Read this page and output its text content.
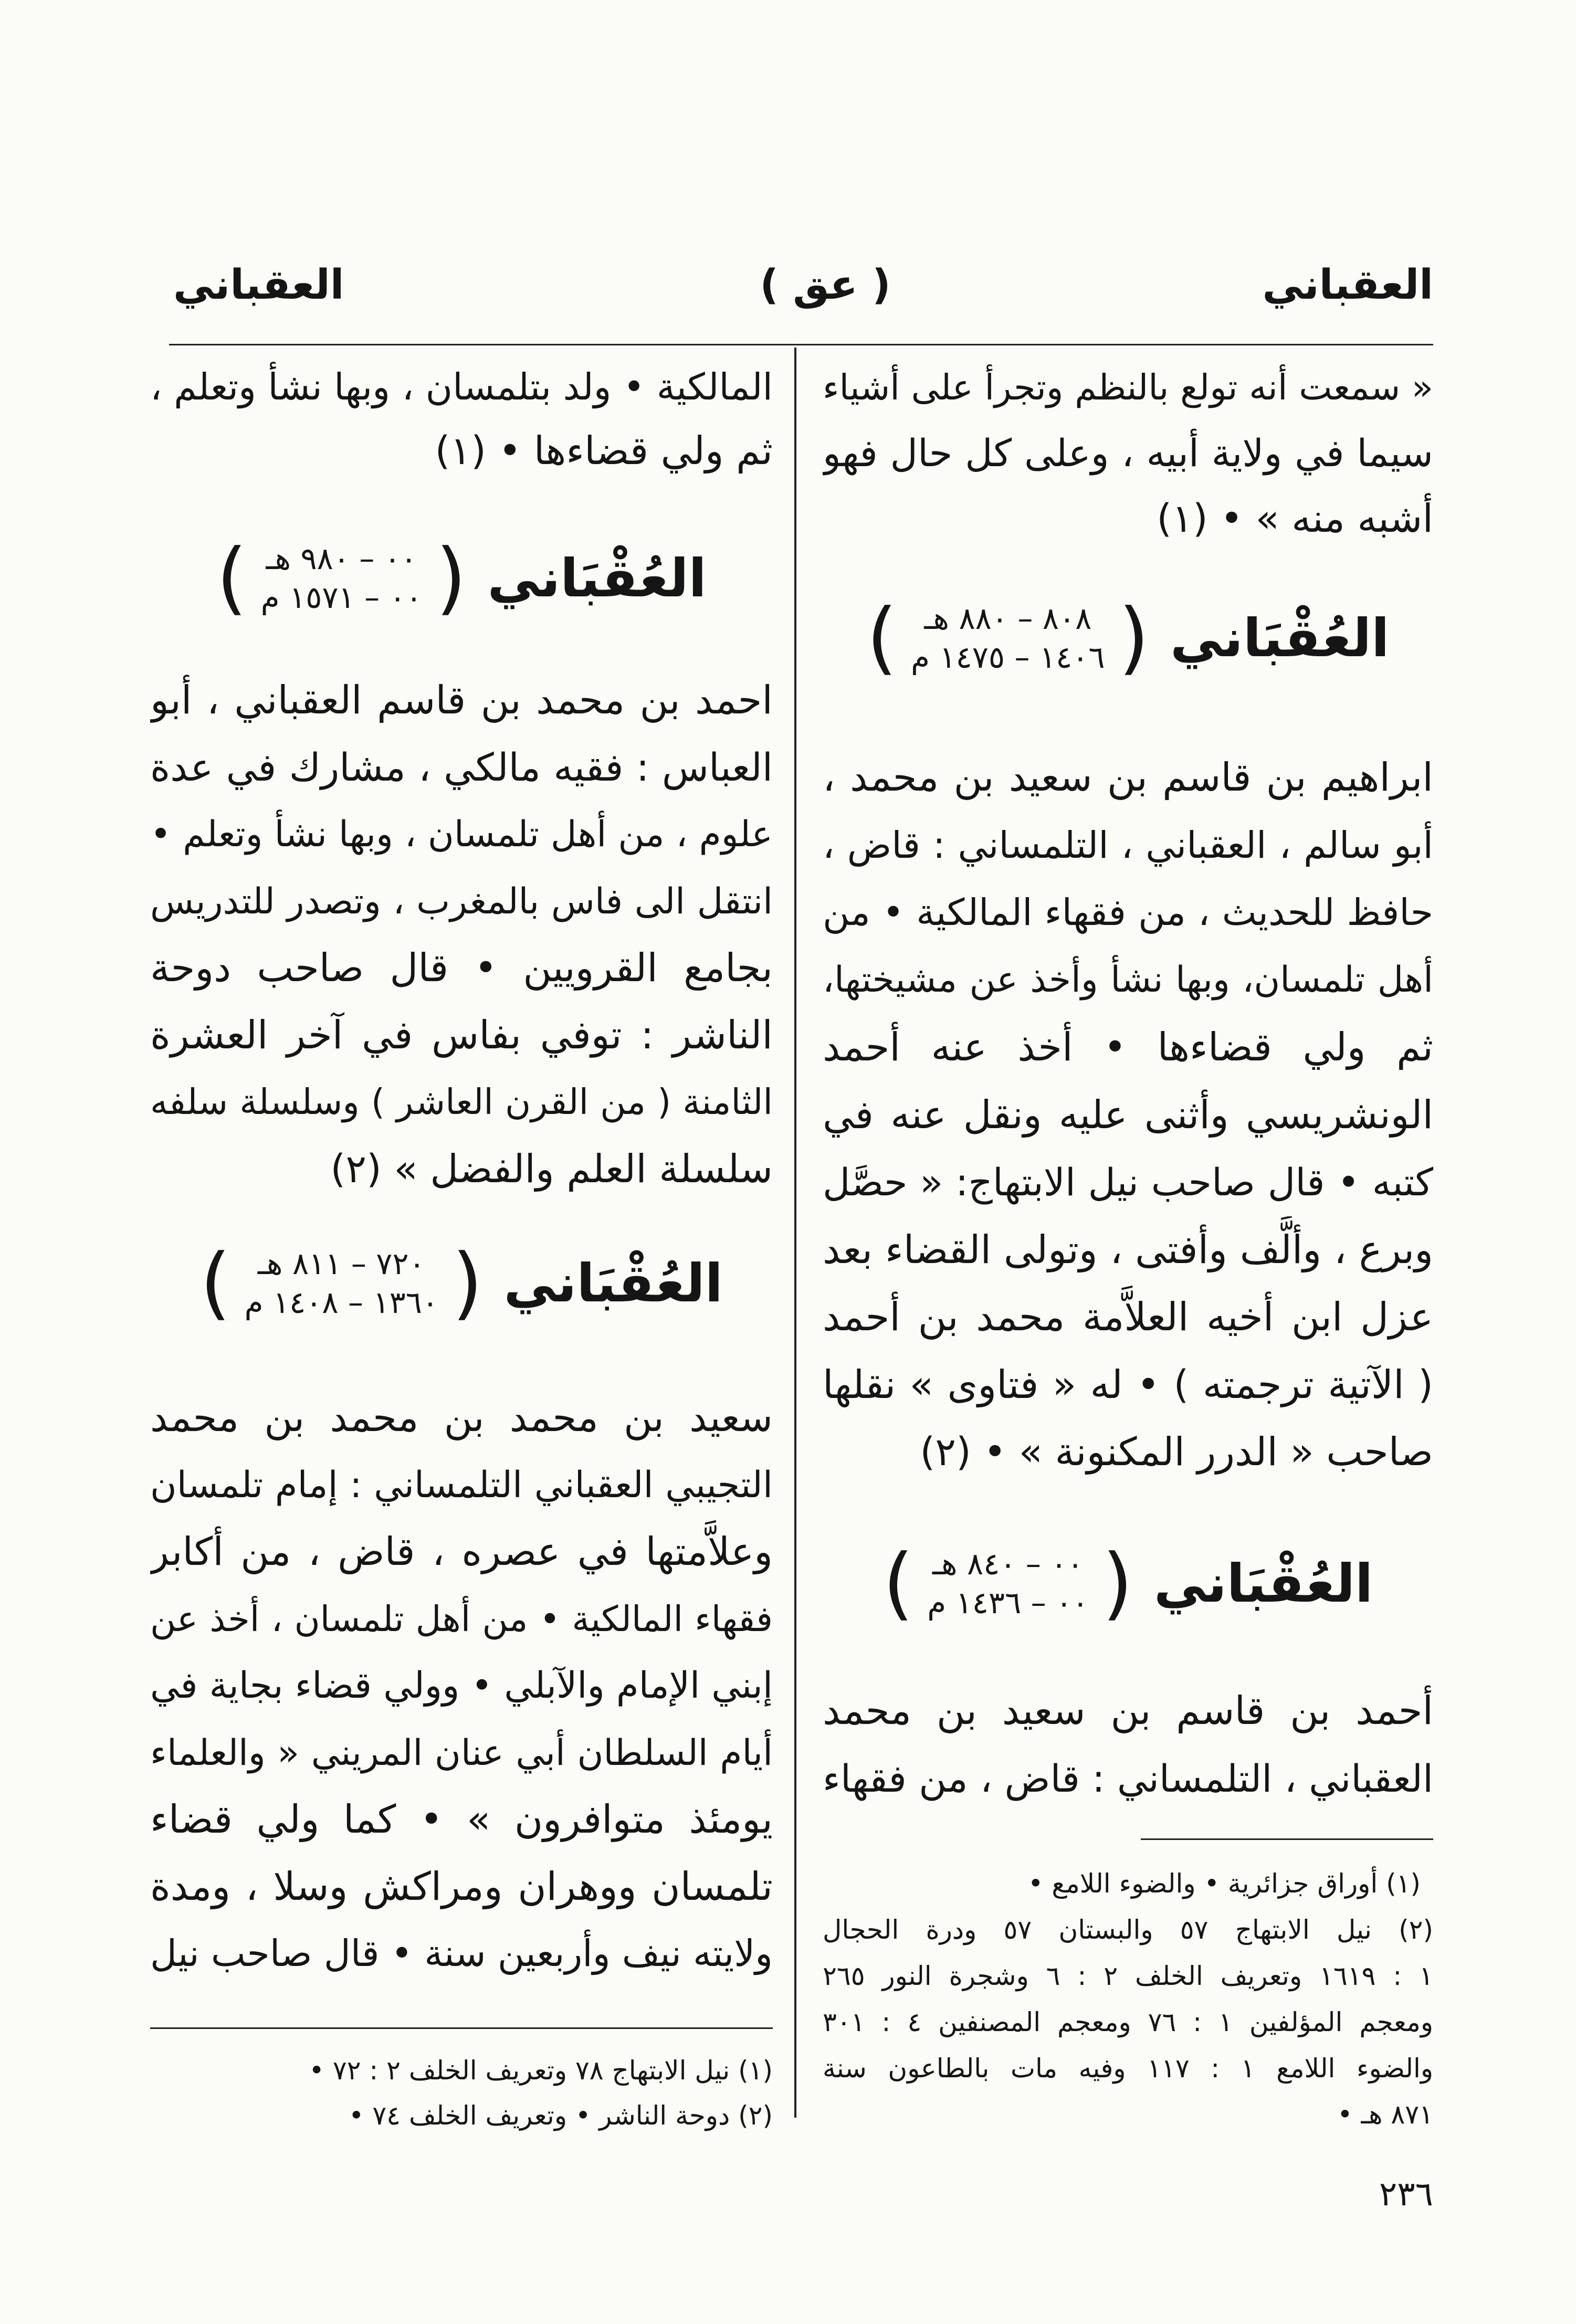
العقباني
( عق )
العقباني
« سمعت أنه تولع بالنظم وتجرأ على أشياء
سيما في ولاية أبيه ، وعلى كل حال فهو
أشبه منه » • (١)
العُقْبَاني
(
٨٠٨ – ٨٨٠ هـ
١٤٠٦ – ١٤٧٥ م
)
ابراهيم بن قاسم بن سعيد بن محمد ،
أبو سالم ، العقباني ، التلمساني : قاض ،
حافظ للحديث ، من فقهاء المالكية • من
أهل تلمسان، وبها نشأ وأخذ عن مشيختها،
ثم ولي قضاءها • أخذ عنه أحمد
الونشريسي وأثنى عليه ونقل عنه في
كتبه • قال صاحب نيل الابتهاج: « حصَّل
وبرع ، وألَّف وأفتى ، وتولى القضاء بعد
عزل ابن أخيه العلاَّمة محمد بن أحمد
( الآتية ترجمته ) • له « فتاوى » نقلها
صاحب « الدرر المكنونة » • (٢)
العُقْبَاني
(
٠٠ – ٨٤٠ هـ
٠٠ – ١٤٣٦ م
)
أحمد بن قاسم بن سعيد بن محمد
العقباني ، التلمساني : قاض ، من فقهاء
(١) أوراق جزائرية • والضوء اللامع •
(٢) نيل الابتهاج ٥٧ والبستان ٥٧ ودرة الحجال
١ : ١٦١٩ وتعريف الخلف ٢ : ٦ وشجرة النور ٢٦٥
ومعجم المؤلفين ١ : ٧٦ ومعجم المصنفين ٤ : ٣٠١
والضوء اللامع ١ : ١١٧ وفيه مات بالطاعون سنة
٨٧١ هـ •
المالكية • ولد بتلمسان ، وبها نشأ وتعلم ،
ثم ولي قضاءها • (١)
العُقْبَاني
(
٠٠ – ٩٨٠ هـ
٠٠ – ١٥٧١ م
)
احمد بن محمد بن قاسم العقباني ، أبو
العباس : فقيه مالكي ، مشارك في عدة
علوم ، من أهل تلمسان ، وبها نشأ وتعلم •
انتقل الى فاس بالمغرب ، وتصدر للتدريس
بجامع القرويين • قال صاحب دوحة
الناشر : توفي بفاس في آخر العشرة
الثامنة ( من القرن العاشر ) وسلسلة سلفه
سلسلة العلم والفضل » (٢)
العُقْبَاني
(
٧٢٠ – ٨١١ هـ
١٣٦٠ – ١٤٠٨ م
)
سعيد بن محمد بن محمد بن محمد
التجيبي العقباني التلمساني : إمام تلمسان
وعلاَّمتها في عصره ، قاض ، من أكابر
فقهاء المالكية • من أهل تلمسان ، أخذ عن
إبني الإمام والآبلي • وولي قضاء بجاية في
أيام السلطان أبي عنان المريني « والعلماء
يومئذ متوافرون » • كما ولي قضاء
تلمسان ووهران ومراكش وسلا ، ومدة
ولايته نيف وأربعين سنة • قال صاحب نيل
(١) نيل الابتهاج ٧٨ وتعريف الخلف ٢ : ٧٢ •
(٢) دوحة الناشر • وتعريف الخلف ٧٤ •
٢٣٦
